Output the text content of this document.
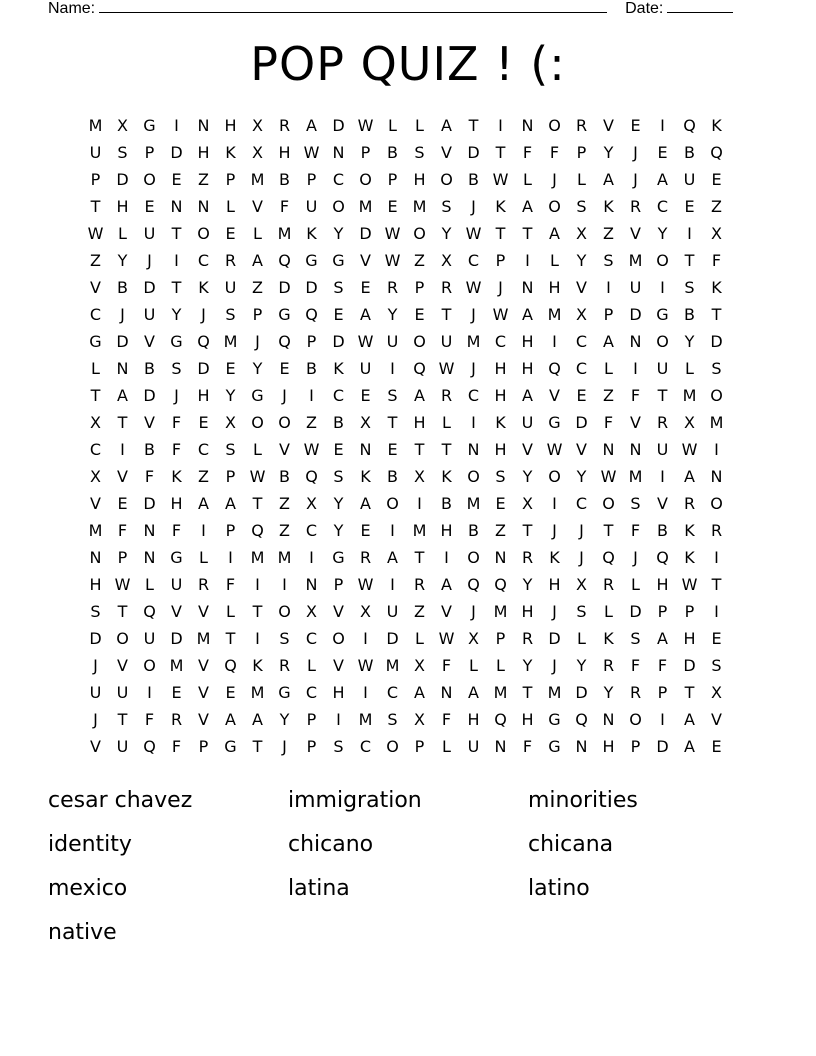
Name:	Date:
POP QUIZ ! (:
M X G	I	N H X R A D W L	L	A	T	I	N O R V	E	I	Q K
U	S	P	D H K	X H W N	P	B	S	V D T	F	F	P	Y	J	E	B Q
P	D O E	Z	P M B	P	C O P	H O B W L	J	L	A	J	A U	E
T	H E N N	L	V	F	U O M E M S	J	K	A O S	K	R C	E	Z
W L	U	T O E	L M K	Y D W O Y W T	T	A	X	Z	V	Y	I	X
Z	Y	J	I	C R A Q G G V W Z	X C	P	I	L	Y	S M O T	F
V	B D T	K U Z D D S	E	R	P	R W	J	N H V	I	U	I	S	K
C	J	U	Y	J	S	P G Q E	A	Y	E	T	J	W A M X	P	D G B	T
G D V G Q M	J	Q P	D W U O U M C H	I	C A N O Y D
L	N B	S D E	Y	E	B	K U	I	Q W	J	H H Q C	L	I	U	L	S
T	A D	J	H	Y G	J	I	C	E	S	A R C H A	V	E	Z	F	T M O
X	T	V	F	E	X O O Z	B	X	T	H	L	I	K U G D	F	V R X M
C	I	B	F	C	S	L	V W E N E	T	T	N H V W V N N U W	I
X	V	F	K	Z	P W B Q S	K	B	X	K O S	Y O Y W M	I	A N
V	E D H A	A	T	Z	X	Y	A O	I	B M E	X	I	C O S	V R O
M F	N	F	I	P Q Z C	Y	E	I	M H B	Z	T	J	J	T	F	B	K	R
N	P	N G	L	I	M M	I	G R A	T	I	O N R	K	J	Q	J	Q K	I
H W L	U R	F	I	I	N	P W	I	R A Q Q Y	H X R	L	H W T
S	T Q V	V	L	T O X	V	X U Z	V	J	M H	J	S	L	D	P	P	I
D O U D M T	I	S	C O	I	D	L W X	P	R D	L	K	S	A H E
J	V O M V Q K	R	L	V W M X	F	L	L	Y	J	Y	R	F	F	D S
U U	I	E	V	E M G C H	I	C A N A M T M D Y	R	P	T	X
J	T	F	R V	A	A	Y	P	I	M S	X	F	H Q H G Q N O	I	A	V
V U Q	F	P G T	J	P	S	C O P	L	U N	F	G N H	P	D A	E
cesar chavez	immigration	minorities
identity	chicano	chicana
mexico	latina	latino
native
